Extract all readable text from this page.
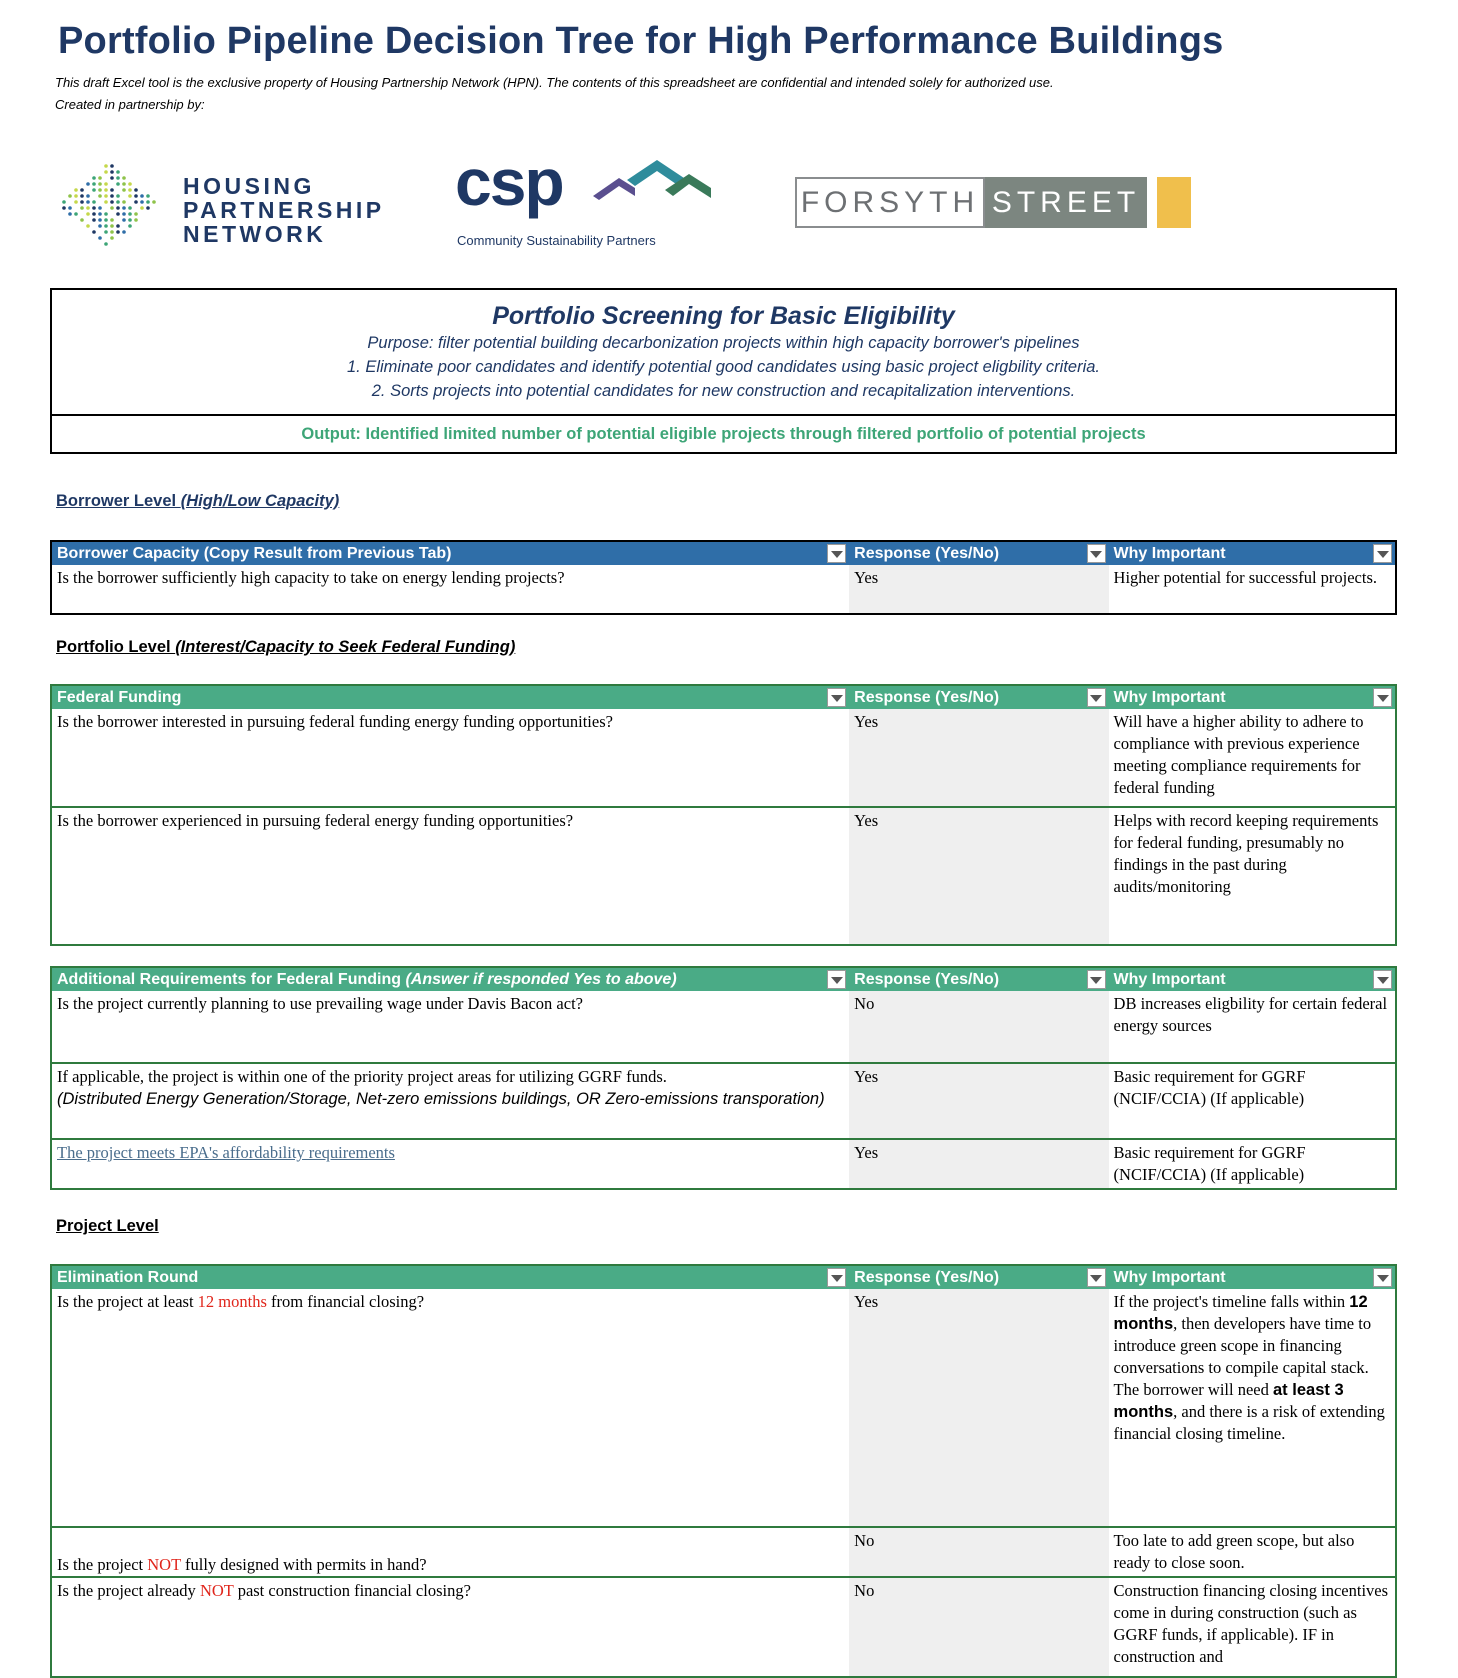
Portfolio Pipeline Decision Tree for High Performance Buildings
This draft Excel tool is the exclusive property of Housing Partnership Network (HPN). The contents of this spreadsheet are confidential and intended solely for authorized use.
Created in partnership by:
HOUSING
PARTNERSHIP
NETWORK
csp
Community Sustainability Partners
FORSYTH STREET
Portfolio Screening for Basic Eligibility
Purpose: filter potential building decarbonization projects within high capacity borrower's pipelines
1. Eliminate poor candidates and identify potential good candidates using basic project eligbility criteria.
2. Sorts projects into potential candidates for new construction and recapitalization interventions.
Output: Identified limited number of potential eligible projects through filtered portfolio of potential projects
Borrower Level (High/Low Capacity)
Borrower Capacity (Copy Result from Previous Tab)	Response (Yes/No)	Why Important

Is the borrower sufficiently high capacity to take on energy lending projects?	Yes	Higher potential for successful projects.
Portfolio Level (Interest/Capacity to Seek Federal Funding)
Federal Funding	Response (Yes/No)	Why Important

Is the borrower interested in pursuing federal funding energy funding opportunities?	Yes	Will have a higher ability to adhere to compliance with previous experience meeting compliance requirements for federal funding
Is the borrower experienced in pursuing federal energy funding opportunities?	Yes	Helps with record keeping requirements for federal funding, presumably no findings in the past during audits/monitoring
Additional Requirements for Federal Funding (Answer if responded Yes to above)	Response (Yes/No)	Why Important

Is the project currently planning to use prevailing wage under Davis Bacon act?	No	DB increases eligbility for certain federal energy sources

If applicable, the project is within one of the priority project areas for utilizing GGRF funds.
(Distributed Energy Generation/Storage, Net-zero emissions buildings, OR Zero-emissions transporation)	Yes	Basic requirement for GGRF (NCIF/CCIA) (If applicable)
The project meets EPA's affordability requirements	Yes	Basic requirement for GGRF (NCIF/CCIA) (If applicable)
Project Level
Elimination Round	Response (Yes/No)	Why Important

Is the project at least 12 months from financial closing?	Yes	If the project's timeline falls within 12 months, then developers have time to introduce green scope in financing conversations to compile capital stack. The borrower will need at least 3 months, and there is a risk of extending financial closing timeline.
Is the project NOT fully designed with permits in hand?	No	Too late to add green scope, but also ready to close soon.
Is the project already NOT past construction financial closing?	No	Construction financing closing incentives come in during construction (such as GGRF funds, if applicable). IF in construction and
